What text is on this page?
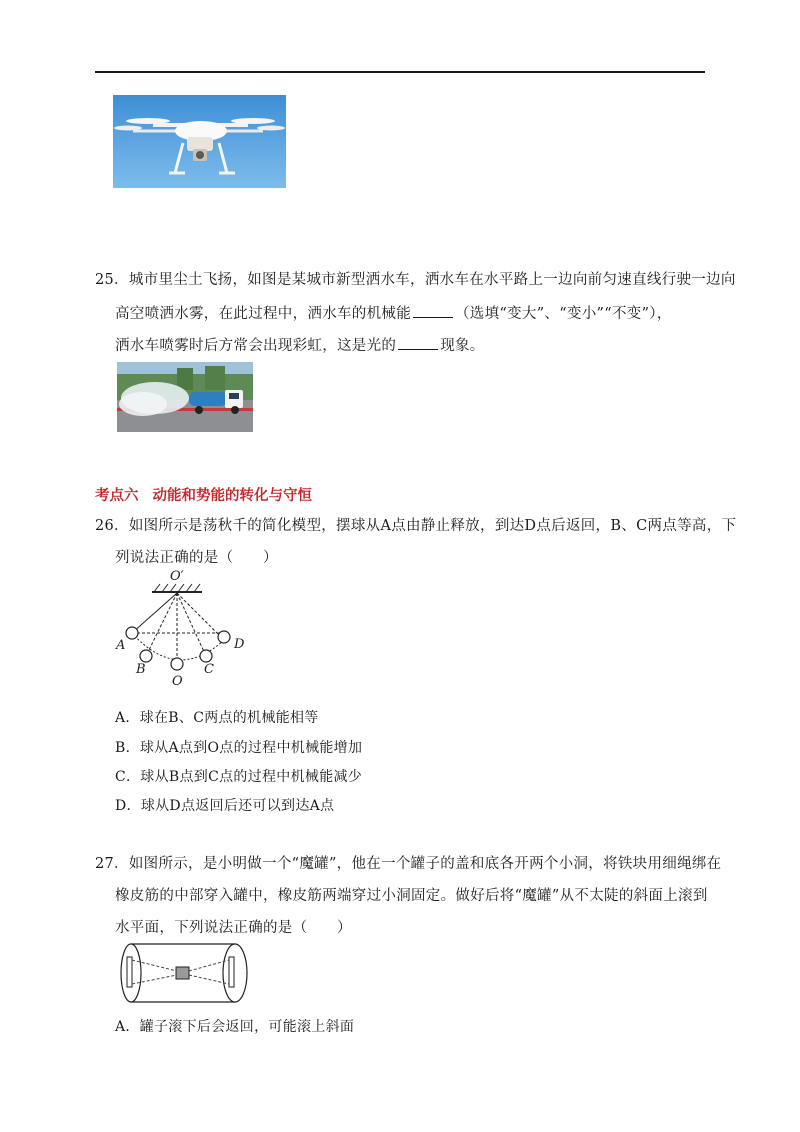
25．城市里尘土飞扬，如图是某城市新型洒水车，洒水车在水平路上一边向前匀速直线行驶一边向
高空喷洒水雾，在此过程中，洒水车的机械能	（选填“变大”、“变小”“不变”），
洒水车喷雾时后方常会出现彩虹，这是光的	现象。
考点六 动能和势能的转化与守恒
26．如图所示是荡秋千的简化模型，摆球从A点由静止释放，到达D点后返回，B、C两点等高，下
列说法正确的是（　　）
O′
A
B
O
C
D
A．球在B、C两点的机械能相等
B．球从A点到O点的过程中机械能增加
C．球从B点到C点的过程中机械能减少
D．球从D点返回后还可以到达A点
27．如图所示，是小明做一个“魔罐”，他在一个罐子的盖和底各开两个小洞，将铁块用细绳绑在
橡皮筋的中部穿入罐中，橡皮筋两端穿过小洞固定。做好后将“魔罐”从不太陡的斜面上滚到
水平面，下列说法正确的是（　　）
A．罐子滚下后会返回，可能滚上斜面
